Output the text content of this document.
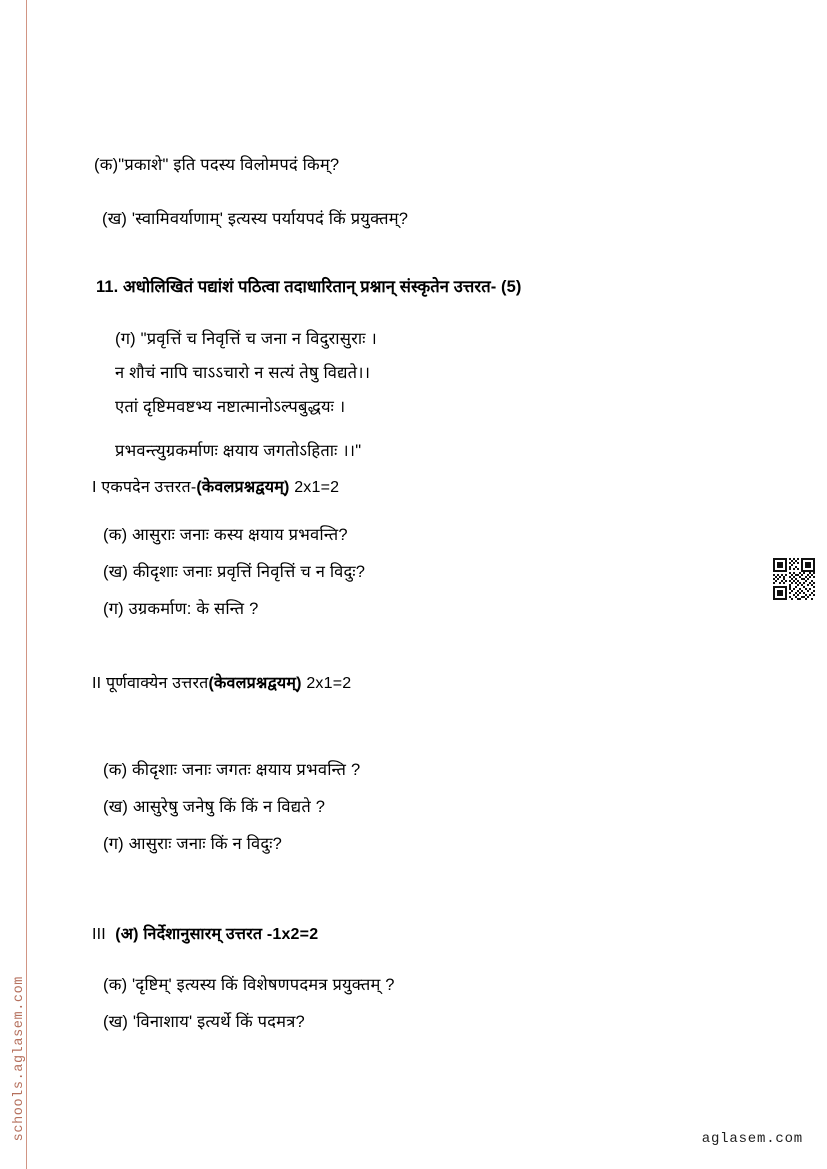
(क)"प्रकाशे" इति पदस्य विलोमपदं किम्?
(ख) 'स्वामिवर्याणाम्' इत्यस्य पर्यायपदं किं प्रयुक्तम्?
11. अधोलिखितं पद्यांशं पठित्वा तदाधारितान् प्रश्नान् संस्कृतेन उत्तरत- (5)
(ग) "प्रवृत्तिं च निवृत्तिं च जना न विदुरासुराः ।
न शौचं नापि चाऽऽचारो न सत्यं तेषु विद्यते।।
एतां दृष्टिमवष्टभ्य नष्टात्मानोऽल्पबुद्धयः ।
प्रभवन्त्युग्रकर्माणः क्षयाय जगतोऽहिताः ।।"
I एकपदेन उत्तरत-(केवलप्रश्नद्वयम्) 2x1=2
(क) आसुराः जनाः कस्य क्षयाय प्रभवन्ति?
(ख) कीदृशाः जनाः प्रवृत्तिं निवृत्तिं च न विदुः?
(ग) उग्रकर्माण: के सन्ति ?
II पूर्णवाक्येन उत्तरत(केवलप्रश्नद्वयम्) 2x1=2
(क) कीदृशाः जनाः जगतः क्षयाय प्रभवन्ति ?
(ख) आसुरेषु जनेषु किं किं न विद्यते ?
(ग) आसुराः जनाः किं न विदुः?
III (अ) निर्देशानुसारम् उत्तरत -1x2=2
(क) 'दृष्टिम्' इत्यस्य किं विशेषणपदमत्र प्रयुक्तम् ?
(ख) 'विनाशाय' इत्यर्थे किं पदमत्र?
schools.aglasem.com	aglasem.com
